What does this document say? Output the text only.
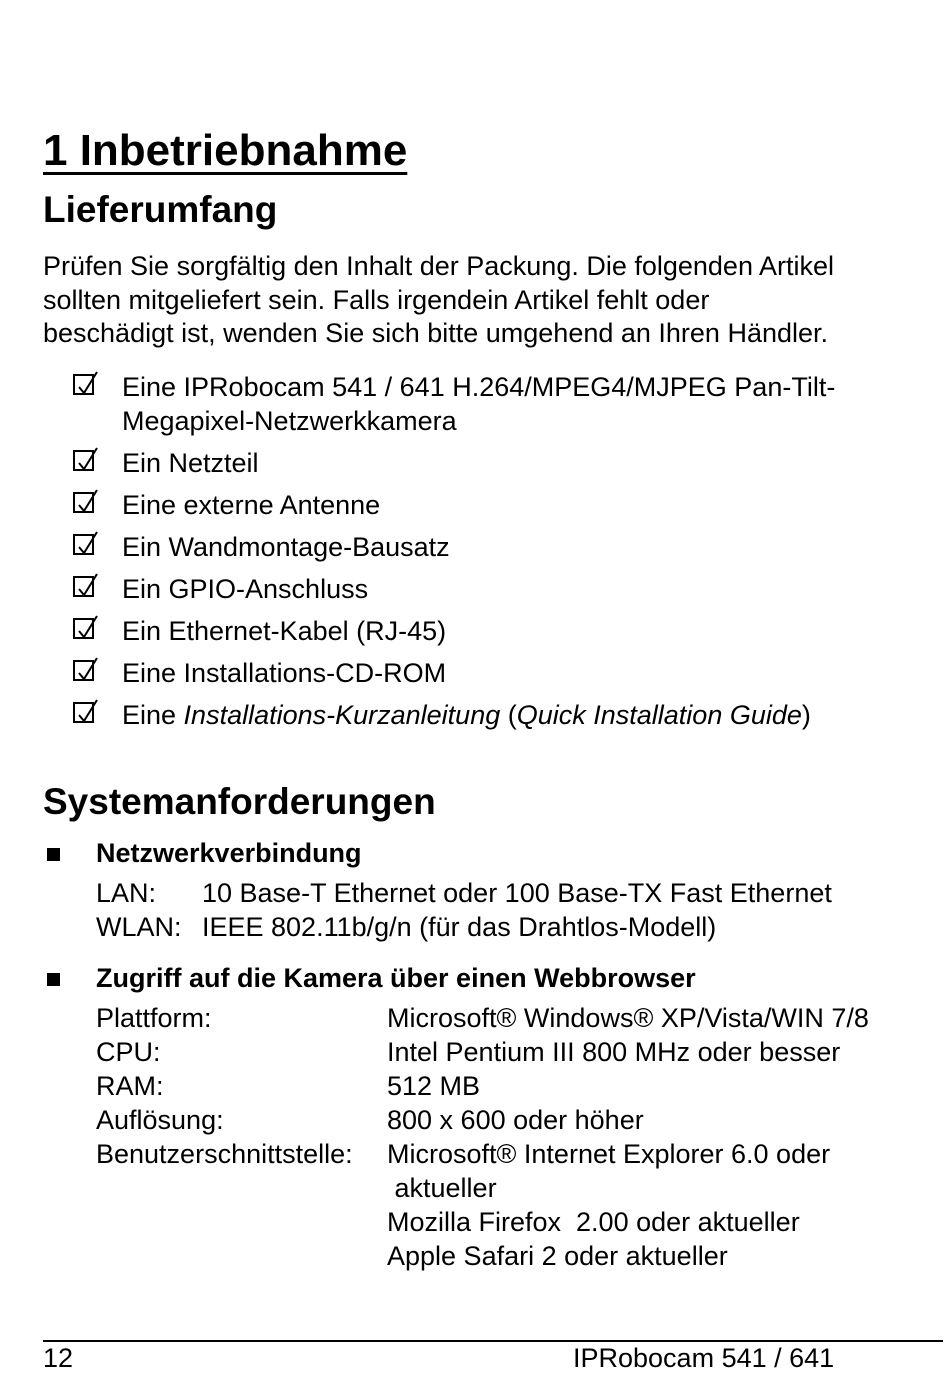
1 Inbetriebnahme
Lieferumfang
Prüfen Sie sorgfältig den Inhalt der Packung. Die folgenden Artikel
sollten mitgeliefert sein. Falls irgendein Artikel fehlt oder
beschädigt ist, wenden Sie sich bitte umgehend an Ihren Händler.
Eine IPRobocam 541 / 641 H.264/MPEG4/MJPEG Pan-Tilt-
Megapixel-Netzwerkkamera
Ein Netzteil
Eine externe Antenne
Ein Wandmontage-Bausatz
Ein GPIO-Anschluss
Ein Ethernet-Kabel (RJ-45)
Eine Installations-CD-ROM
Eine Installations-Kurzanleitung (Quick Installation Guide)
Systemanforderungen
Netzwerkverbindung
LAN: 10 Base-T Ethernet oder 100 Base-TX Fast Ethernet
WLAN: IEEE 802.11b/g/n (für das Drahtlos-Modell)
Zugriff auf die Kamera über einen Webbrowser
Plattform:	Microsoft® Windows® XP/Vista/WIN 7/8
CPU:	Intel Pentium III 800 MHz oder besser
RAM:	512 MB
Auflösung:	800 x 600 oder höher
Benutzerschnittstelle: Microsoft® Internet Explorer 6.0 oder
aktueller
Mozilla Firefox  2.00 oder aktueller
Apple Safari 2 oder aktueller
12	IPRobocam 541 / 641
